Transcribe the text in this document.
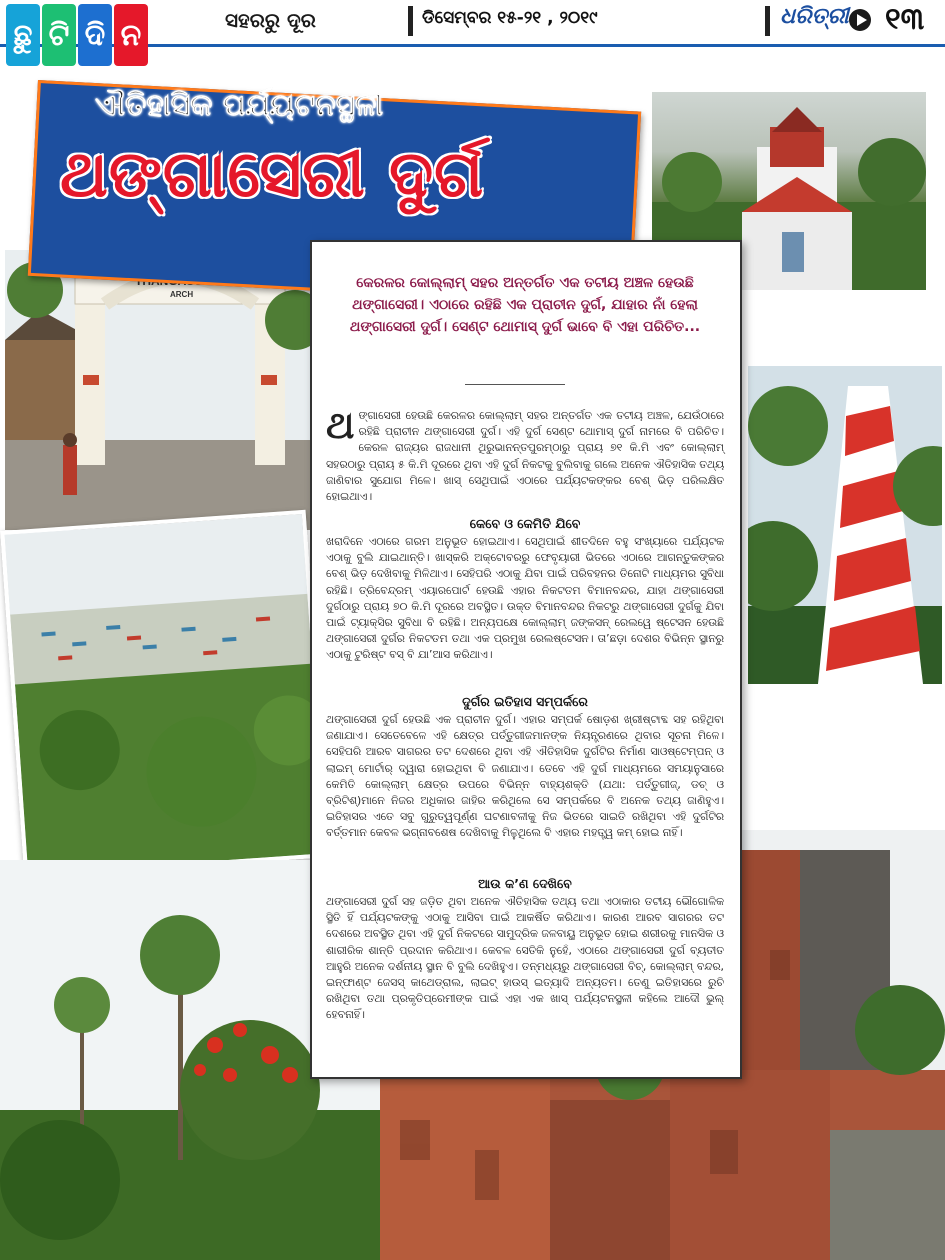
ଛୁ ଟି ଦି ନ	ସହରରୁ ଦୂର	ଡିସେମ୍ବର ୧୫-୨୧ , ୨୦୧୯	ଧରିତ୍ରୀ ୧୩
ARCH
ଐତିହାସିକ ପର୍ଯ୍ୟଟନସ୍ଥଳୀ
ଥଙ୍ଗାସେରୀ ଦୁର୍ଗ
କେରଳର କୋଲ୍ଲାମ୍ ସହର ଅନ୍ତର୍ଗତ ଏକ ତଟୀୟ ଅଞ୍ଚଳ ହେଉଛି ଥଙ୍ଗାସେରୀ। ଏଠାରେ ରହିଛି ଏକ ପ୍ରାଚୀନ ଦୁର୍ଗ, ଯାହାର ନାଁ ହେଲା ଥଙ୍ଗାସେରୀ ଦୁର୍ଗ। ସେଣ୍ଟ ଥୋମାସ୍ ଦୁର୍ଗ ଭାବେ ବି ଏହା ପରିଚିତ...
ଥଙ୍ଗାସେରୀ ହେଉଛି କେରଳର କୋଲ୍ଲାମ୍ ସହର ଅନ୍ତର୍ଗତ ଏକ ତଟୀୟ ଅଞ୍ଚଳ, ଯେଉଁଠାରେ ରହିଛି ପ୍ରାଚୀନ ଥଙ୍ଗାସେରୀ ଦୁର୍ଗ। ଏହି ଦୁର୍ଗ ସେଣ୍ଟ ଥୋମାସ୍ ଦୁର୍ଗ ନାମରେ ବି ପରିଚିତ। କେରଳ ରାଜ୍ୟର ରାଜଧାନୀ ଥିରୁଭାନନ୍ତପୁରମ୍‌ଠାରୁ ପ୍ରାୟ ୭୧ କି.ମି ଏବଂ କୋଲ୍ଲାମ୍ ସହରଠାରୁ ପ୍ରାୟ ୫ କି.ମି ଦୂରରେ ଥିବା ଏହି ଦୁର୍ଗ ନିକଟକୁ ବୁଲିବାକୁ ଗଲେ ଅନେକ ଐତିହାସିକ ତଥ୍ୟ ଜାଣିବାର ସୁଯୋଗ ମିଳେ। ଖାସ୍ ସେଥିପାଇଁ ଏଠାରେ ପର୍ଯ୍ୟଟକଙ୍କର ବେଶ୍ ଭିଡ଼ ପରିଲକ୍ଷିତ ହୋଇଥାଏ।
କେବେ ଓ କେମିତି ଯିବେ
ଖରାଦିନେ ଏଠାରେ ଗରମ ଅନୁଭୂତ ହୋଇଥାଏ। ସେଥିପାଇଁ ଶୀତଦିନେ ବହୁ ସଂଖ୍ୟାରେ ପର୍ଯ୍ୟଟକ ଏଠାକୁ ବୁଲି ଯାଇଥାନ୍ତି। ଖାସ୍‌କରି ଅକ୍ଟୋବରରୁ ଫେବୃୟାରୀ ଭିତରେ ଏଠାରେ ଆଗନ୍ତୁକଙ୍କର ବେଶ୍ ଭିଡ଼ ଦେଖିବାକୁ ମିଳିଥାଏ। ସେହିପରି ଏଠାକୁ ଯିବା ପାଇଁ ପରିବହନର ତିନୋଟି ମାଧ୍ୟମର ସୁବିଧା ରହିଛି। ତ୍ରିବେନ୍ଦ୍ରମ୍ ଏୟାରପୋର୍ଟ ହେଉଛି ଏହାର ନିକଟତମ ବିମାନବନ୍ଦର, ଯାହା ଥଙ୍ଗାସେରୀ ଦୁର୍ଗଠାରୁ ପ୍ରାୟ ୭୦ କି.ମି ଦୂରରେ ଅବସ୍ଥିତ। ଉକ୍ତ ବିମାନବନ୍ଦର ନିକଟରୁ ଥଙ୍ଗାସେରୀ ଦୁର୍ଗକୁ ଯିବା ପାଇଁ ଟ୍ୟାକ୍ସିର ସୁବିଧା ବି ରହିଛି। ଅନ୍ୟପକ୍ଷେ କୋଲ୍ଲାମ୍ ଜଙ୍କସନ୍ ରେଲୱେ ଷ୍ଟେସନ ହେଉଛି ଥଙ୍ଗାସେରୀ ଦୁର୍ଗର ନିକଟତମ ତଥା ଏକ ପ୍ରମୁଖ ରେଲଷ୍ଟେସନ। ତା’ଛଡ଼ା ଦେଶର ବିଭିନ୍ନ ସ୍ଥାନରୁ ଏଠାକୁ ଟୁରିଷ୍ଟ ବସ୍ ବି ଯା’ଆସ କରିଥାଏ।
ଦୁର୍ଗର ଇତିହାସ ସମ୍ପର୍କରେ
ଥଙ୍ଗାସେରୀ ଦୁର୍ଗ ହେଉଛି ଏକ ପ୍ରାଚୀନ ଦୁର୍ଗ। ଏହାର ସମ୍ପର୍କ ଷୋଡ଼ଶ ଖ୍ରୀଷ୍ଟାବ୍ଦ ସହ ରହିଥିବା ଜଣାଯାଏ। ସେତେବେଳେ ଏହି କ୍ଷେତ୍ର ପର୍ତ୍ତୁଗୀଜମାନଙ୍କ ନିୟନ୍ତ୍ରଣରେ ଥିବାର ସୂଚନା ମିଳେ। ସେହିପରି ଆରବ ସାଗରର ତଟ ଦେଶରେ ଥିବା ଏହି ଐତିହାସିକ ଦୁର୍ଗଟିର ନିର୍ମାଣ ସାଓଷ୍ଟେମ୍ପନ୍ ଓ ଲାଇମ୍ ମୋର୍ଟାର୍ ଦ୍ୱାରା ହୋଇଥିବା ବି ଜଣାଯାଏ। ତେବେ ଏହି ଦୁର୍ଗ ମାଧ୍ୟମରେ ସମୟାନୁସାରେ କେମିତି କୋଲ୍ଲାମ୍ କ୍ଷେତ୍ର ଉପରେ ବିଭିନ୍ନ ବାହ୍ୟଶକ୍ତି (ଯଥା: ପର୍ତ୍ତୁଗୀଜ୍, ଡଚ୍ ଓ ବ୍ରିଟିଶ୍)ମାନେ ନିଜର ଅଧିକାର ଜାହିର କରିଥିଲେ ସେ ସମ୍ପର୍କରେ ବି ଅନେକ ତଥ୍ୟ ଜାଣିହୁଏ। ଇତିହାସର ଏତେ ସବୁ ଗୁରୁତ୍ୱପୂର୍ଣ୍ଣ ଘଟଣାବଳୀକୁ ନିଜ ଭିତରେ ସାଇତି ରଖିଥିବା ଏହି ଦୁର୍ଗଟିର ବର୍ତ୍ତମାନ କେବଳ ଭଗ୍ନାବଶେଷ ଦେଖିବାକୁ ମିଳୁଥିଲେ ବି ଏହାର ମହତ୍ତ୍ୱ କମ୍ ହୋଇ ନାହିଁ।
ଆଉ କ’ଣ ଦେଖିବେ
ଥଙ୍ଗାସେରୀ ଦୁର୍ଗ ସହ ଜଡ଼ିତ ଥିବା ଅନେକ ଐତିହାସିକ ତଥ୍ୟ ତଥା ଏଠାକାର ତଟୀୟ ଭୌଗୋଳିକ ସ୍ଥିତି ହିଁ ପର୍ଯ୍ୟଟକଙ୍କୁ ଏଠାକୁ ଆସିବା ପାଇଁ ଆକର୍ଷିତ କରିଥାଏ। କାରଣ ଆରବ ସାଗରର ତଟ ଦେଶରେ ଅବସ୍ଥିତ ଥିବା ଏହି ଦୁର୍ଗ ନିକଟରେ ସାମୁଦ୍ରିକ ଜଳବାୟୁ ଅନୁଭୂତ ହୋଇ ଶରୀରକୁ ମାନସିକ ଓ ଶାରୀରିକ ଶାନ୍ତି ପ୍ରଦାନ କରିଥାଏ। କେବଳ ସେତିକି ନୁହେଁ, ଏଠାରେ ଥଙ୍ଗାସେରୀ ଦୁର୍ଗ ବ୍ୟତୀତ ଆହୁରି ଅନେକ ଦର୍ଶନୀୟ ସ୍ଥାନ ବି ବୁଲି ଦେଖିହୁଏ। ତନ୍ମଧ୍ୟରୁ ଥଙ୍ଗାସେରୀ ବିଚ୍, କୋଲ୍ଲାମ୍ ବନ୍ଦର, ଇନ୍‌ଫାଣ୍ଟ ଜେସସ୍ କାଥେଡ୍ରାଲ, ଲାଇଟ୍ ହାଉସ୍ ଇତ୍ୟାଦି ଅନ୍ୟତମ। ତେଣୁ ଇତିହାସରେ ରୁଚି ରଖିଥିବା ତଥା ପ୍ରକୃତିପ୍ରେମୀଙ୍କ ପାଇଁ ଏହା ଏକ ଖାସ୍ ପର୍ଯ୍ୟଟନସ୍ଥଳୀ କହିଲେ ଆଦୌ ଭୁଲ୍ ହେବନାହିଁ।
